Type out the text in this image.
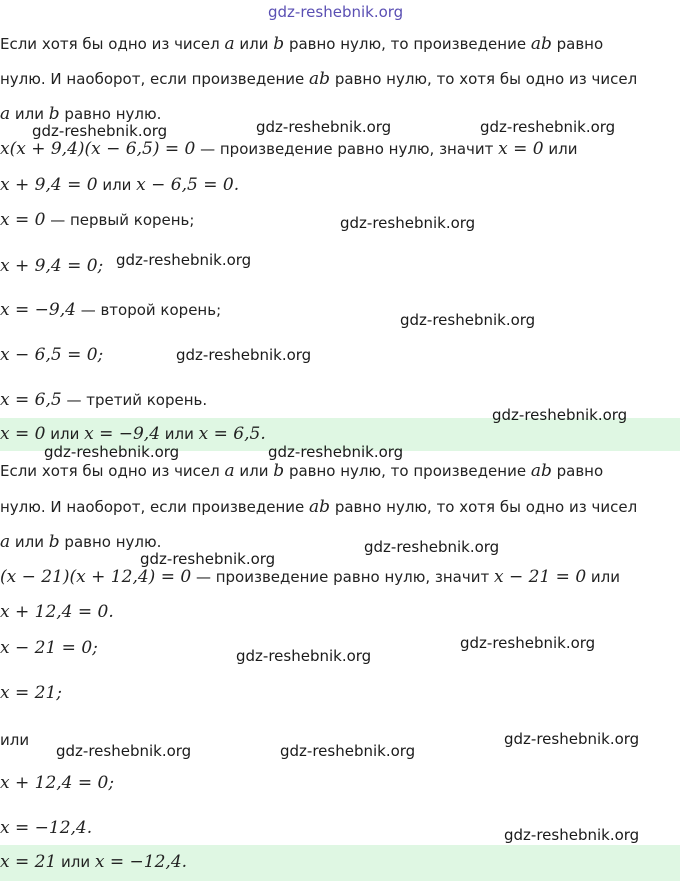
gdz-reshebnik.org
Если хотя бы одно из чисел a или b равно нулю, то произведение ab равно
нулю. И наоборот, если произведение ab равно нулю, то хотя бы одно из чисел
a или b равно нулю.
x(x + 9,4)(x − 6,5) = 0 — произведение равно нулю, значит x = 0 или
x + 9,4 = 0 или x − 6,5 = 0.
x = 0 — первый корень;
x + 9,4 = 0;
x = −9,4 — второй корень;
x − 6,5 = 0;
x = 6,5 — третий корень.
x = 0 или x = −9,4 или x = 6,5.
Если хотя бы одно из чисел a или b равно нулю, то произведение ab равно
нулю. И наоборот, если произведение ab равно нулю, то хотя бы одно из чисел
a или b равно нулю.
(x − 21)(x + 12,4) = 0 — произведение равно нулю, значит x − 21 = 0 или
x + 12,4 = 0.
x − 21 = 0;
x = 21;
или
x + 12,4 = 0;
x = −12,4.
x = 21 или x = −12,4.
gdz-reshebnik.org	gdz-reshebnik.org	gdz-reshebnik.org
gdz-reshebnik.org
gdz-reshebnik.org
gdz-reshebnik.org
gdz-reshebnik.org
gdz-reshebnik.org
gdz-reshebnik.org	gdz-reshebnik.org
gdz-reshebnik.org
gdz-reshebnik.org
gdz-reshebnik.org
gdz-reshebnik.org
gdz-reshebnik.org
gdz-reshebnik.org	gdz-reshebnik.org
gdz-reshebnik.org
